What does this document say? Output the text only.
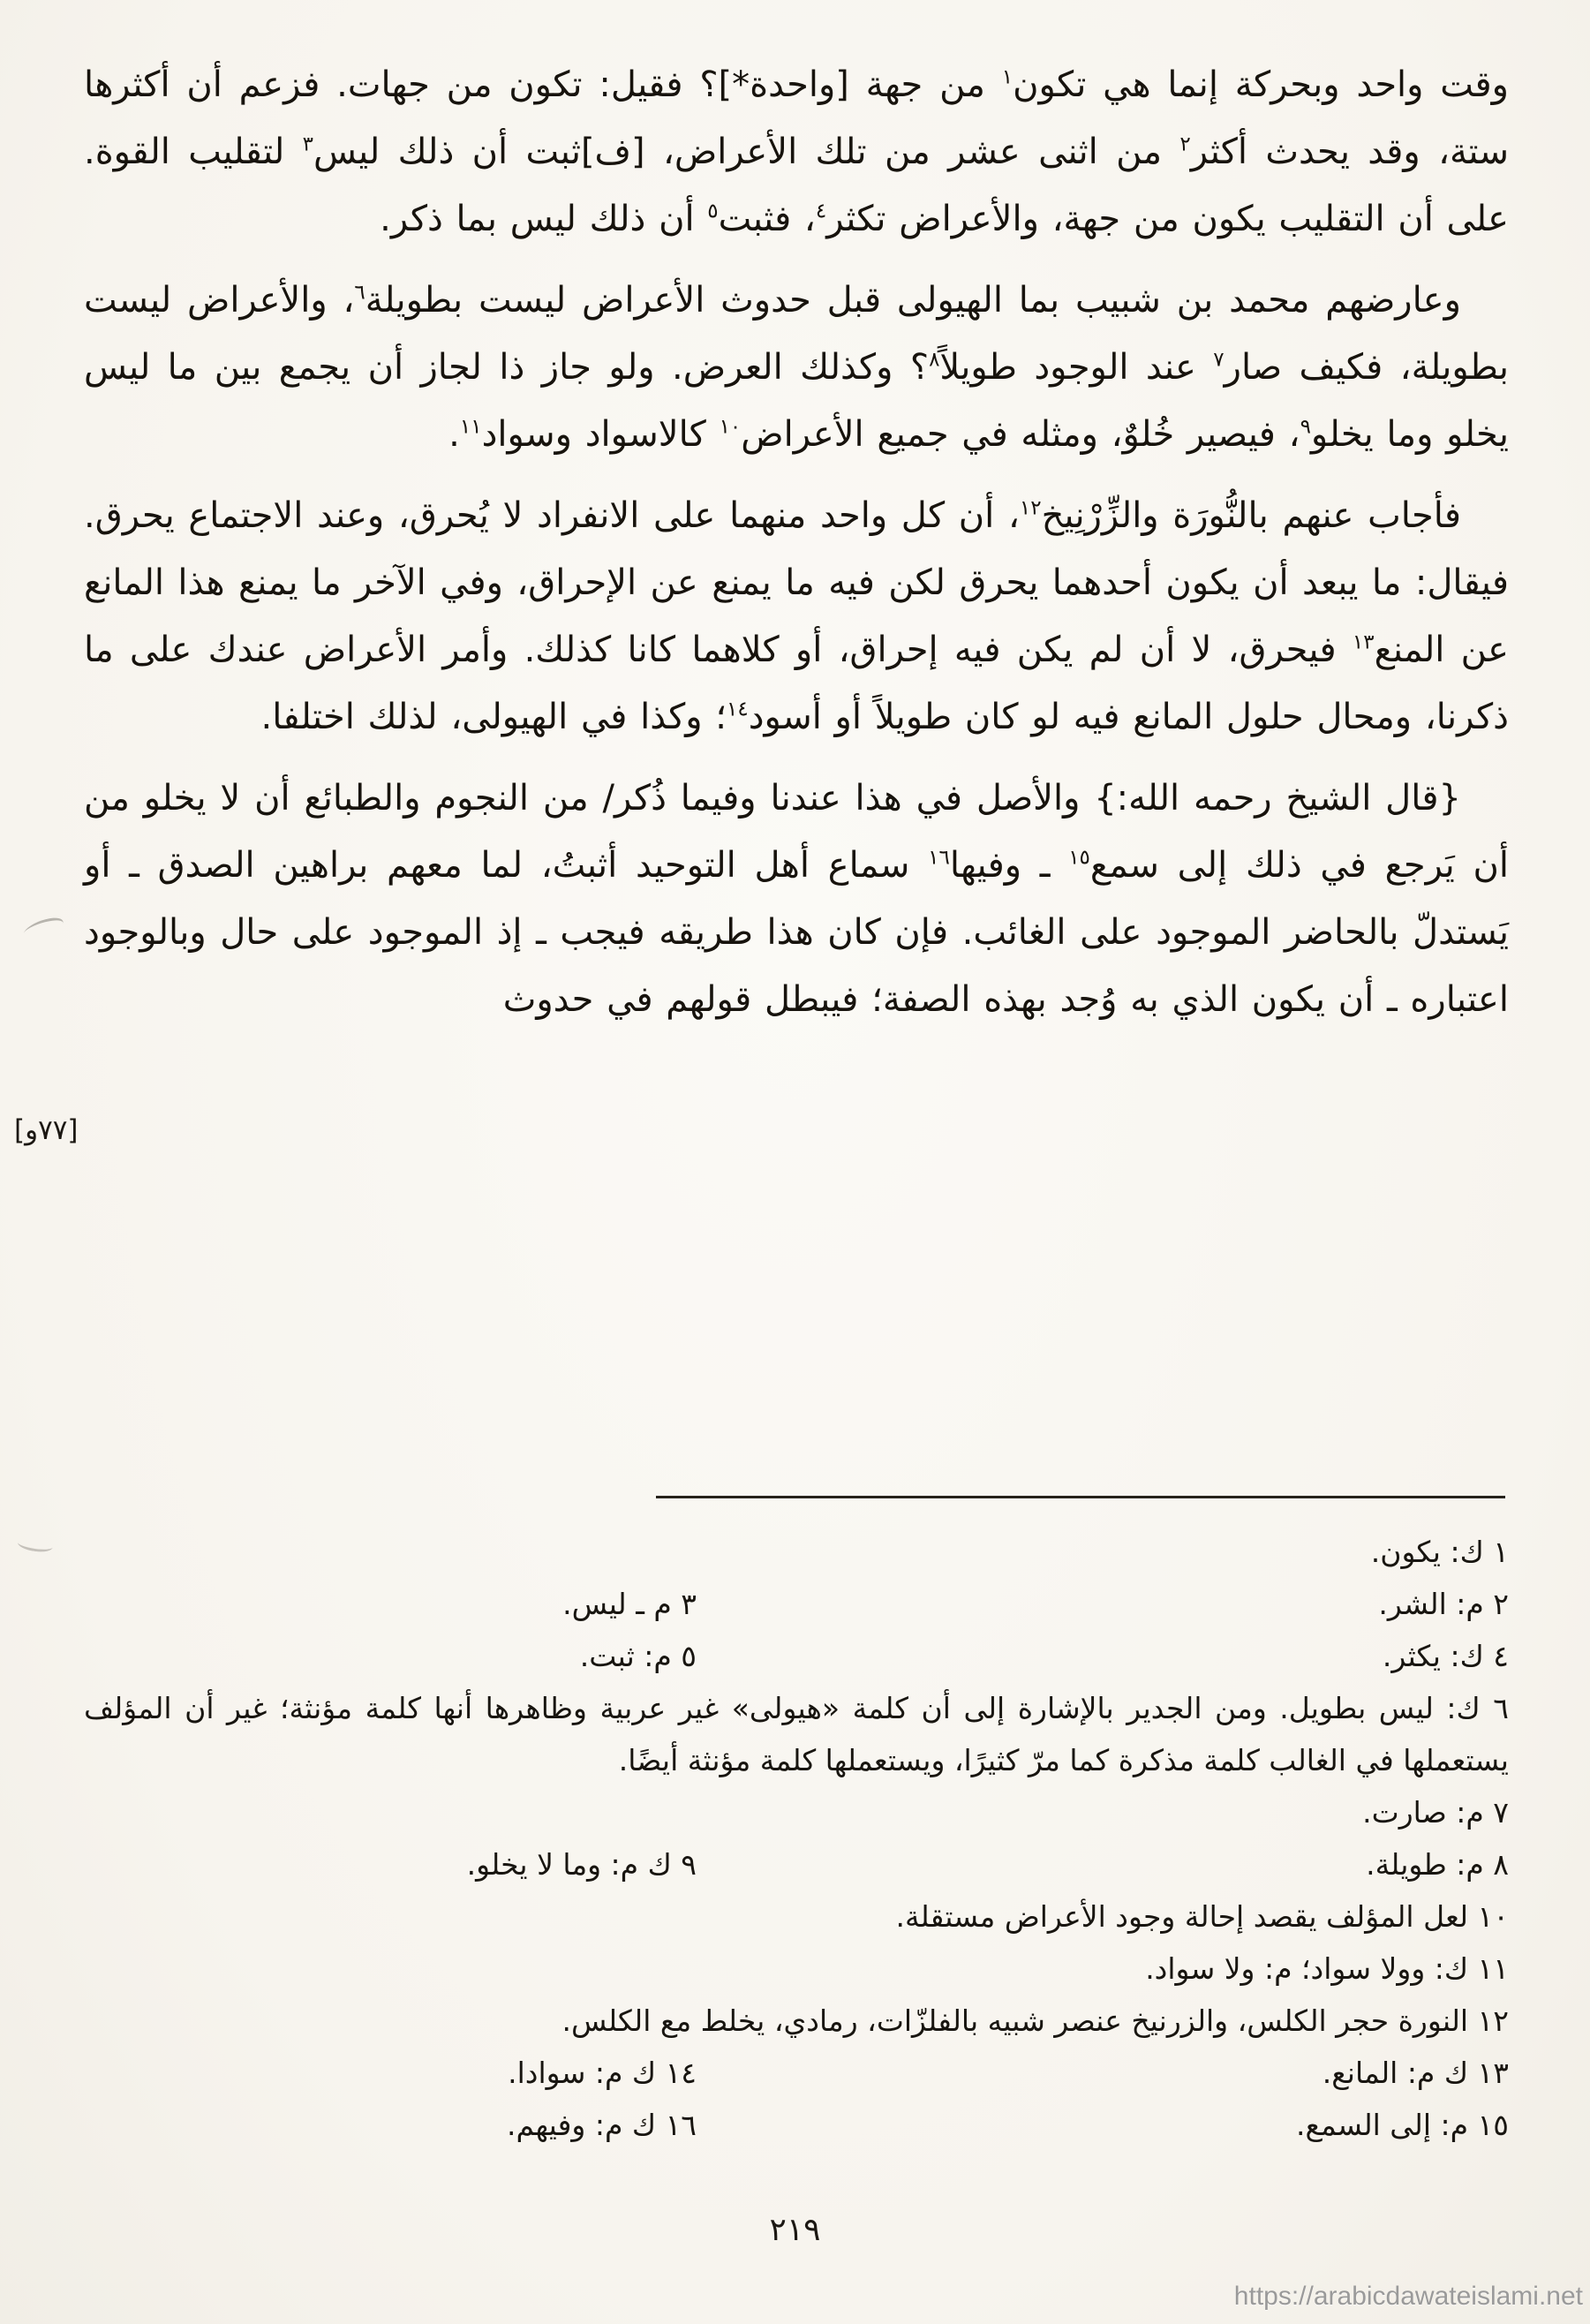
وقت واحد وبحركة إنما هي تكون$^١$ من جهة [واحدة*]؟ فقيل: تكون من جهات. فزعم أن أكثرها ستة، وقد يحدث أكثر$^٢$ من اثنى عشر من تلك الأعراض، [ف]ثبت أن ذلك ليس$^٣$ لتقليب القوة. على أن التقليب يكون من جهة، والأعراض تكثر$^٤$، فثبت$^٥$ أن ذلك ليس بما ذكر.

وعارضهم محمد بن شبيب بما الهيولى قبل حدوث الأعراض ليست بطويلة$^٦$، والأعراض ليست بطويلة، فكيف صار$^٧$ عند الوجود طويلاً$^٨$؟ وكذلك العرض. ولو جاز ذا لجاز أن يجمع بين ما ليس يخلو وما يخلو$^٩$، فيصير خُلوٌ، ومثله في جميع الأعراض$^{١٠}$ كالاسواد وسواد$^{١١}$.

فأجاب عنهم بالنُّورَة والزِّرْنِيخ$^{١٢}$، أن كل واحد منهما على الانفراد لا يُحرق، وعند الاجتماع يحرق. فيقال: ما يبعد أن يكون أحدهما يحرق لكن فيه ما يمنع عن الإحراق، وفي الآخر ما يمنع هذا المانع عن المنع$^{١٣}$ فيحرق، لا أن لم يكن فيه إحراق، أو كلاهما كانا كذلك. وأمر الأعراض عندك على ما ذكرنا، ومحال حلول المانع فيه لو كان طويلاً أو أسود$^{١٤}$؛ وكذا في الهيولى، لذلك اختلفا.

{قال الشيخ رحمه الله:} والأصل في هذا عندنا وفيما ذُكر/ من النجوم والطبائع أن لا يخلو من أن يَرجع في ذلك إلى سمع$^{١٥}$ ـ وفيها$^{١٦}$ سماع أهل التوحيد أثبتُ، لما معهم براهين الصدق ـ أو يَستدلّ بالحاضر الموجود على الغائب. فإن كان هذا طريقه فيجب ـ إذ الموجود على حال وبالوجود اعتباره ـ أن يكون الذي به وُجد بهذه الصفة؛ فيبطل قولهم في حدوث

[٧٧و]
١ ك: يكون.
٢ م: الشر.
٣ م ـ ليس.
٤ ك: يكثر.
٥ م: ثبت.
٦ ك: ليس بطويل. ومن الجدير بالإشارة إلى أن كلمة «هيولى» غير عربية وظاهرها أنها كلمة مؤنثة؛ غير أن المؤلف يستعملها في الغالب كلمة مذكرة كما مرّ كثيرًا، ويستعملها كلمة مؤنثة أيضًا.
٧ م: صارت.
٨ م: طويلة.
٩ ك م: وما لا يخلو.
١٠ لعل المؤلف يقصد إحالة وجود الأعراض مستقلة.
١١ ك: وولا سواد؛ م: ولا سواد.
١٢ النورة حجر الكلس، والزرنيخ عنصر شبيه بالفلزّات، رمادي، يخلط مع الكلس.
١٣ ك م: المانع.
١٤ ك م: سوادا.
١٥ م: إلى السمع.
١٦ ك م: وفيهم.
٢١٩
https://arabicdawateislami.net
